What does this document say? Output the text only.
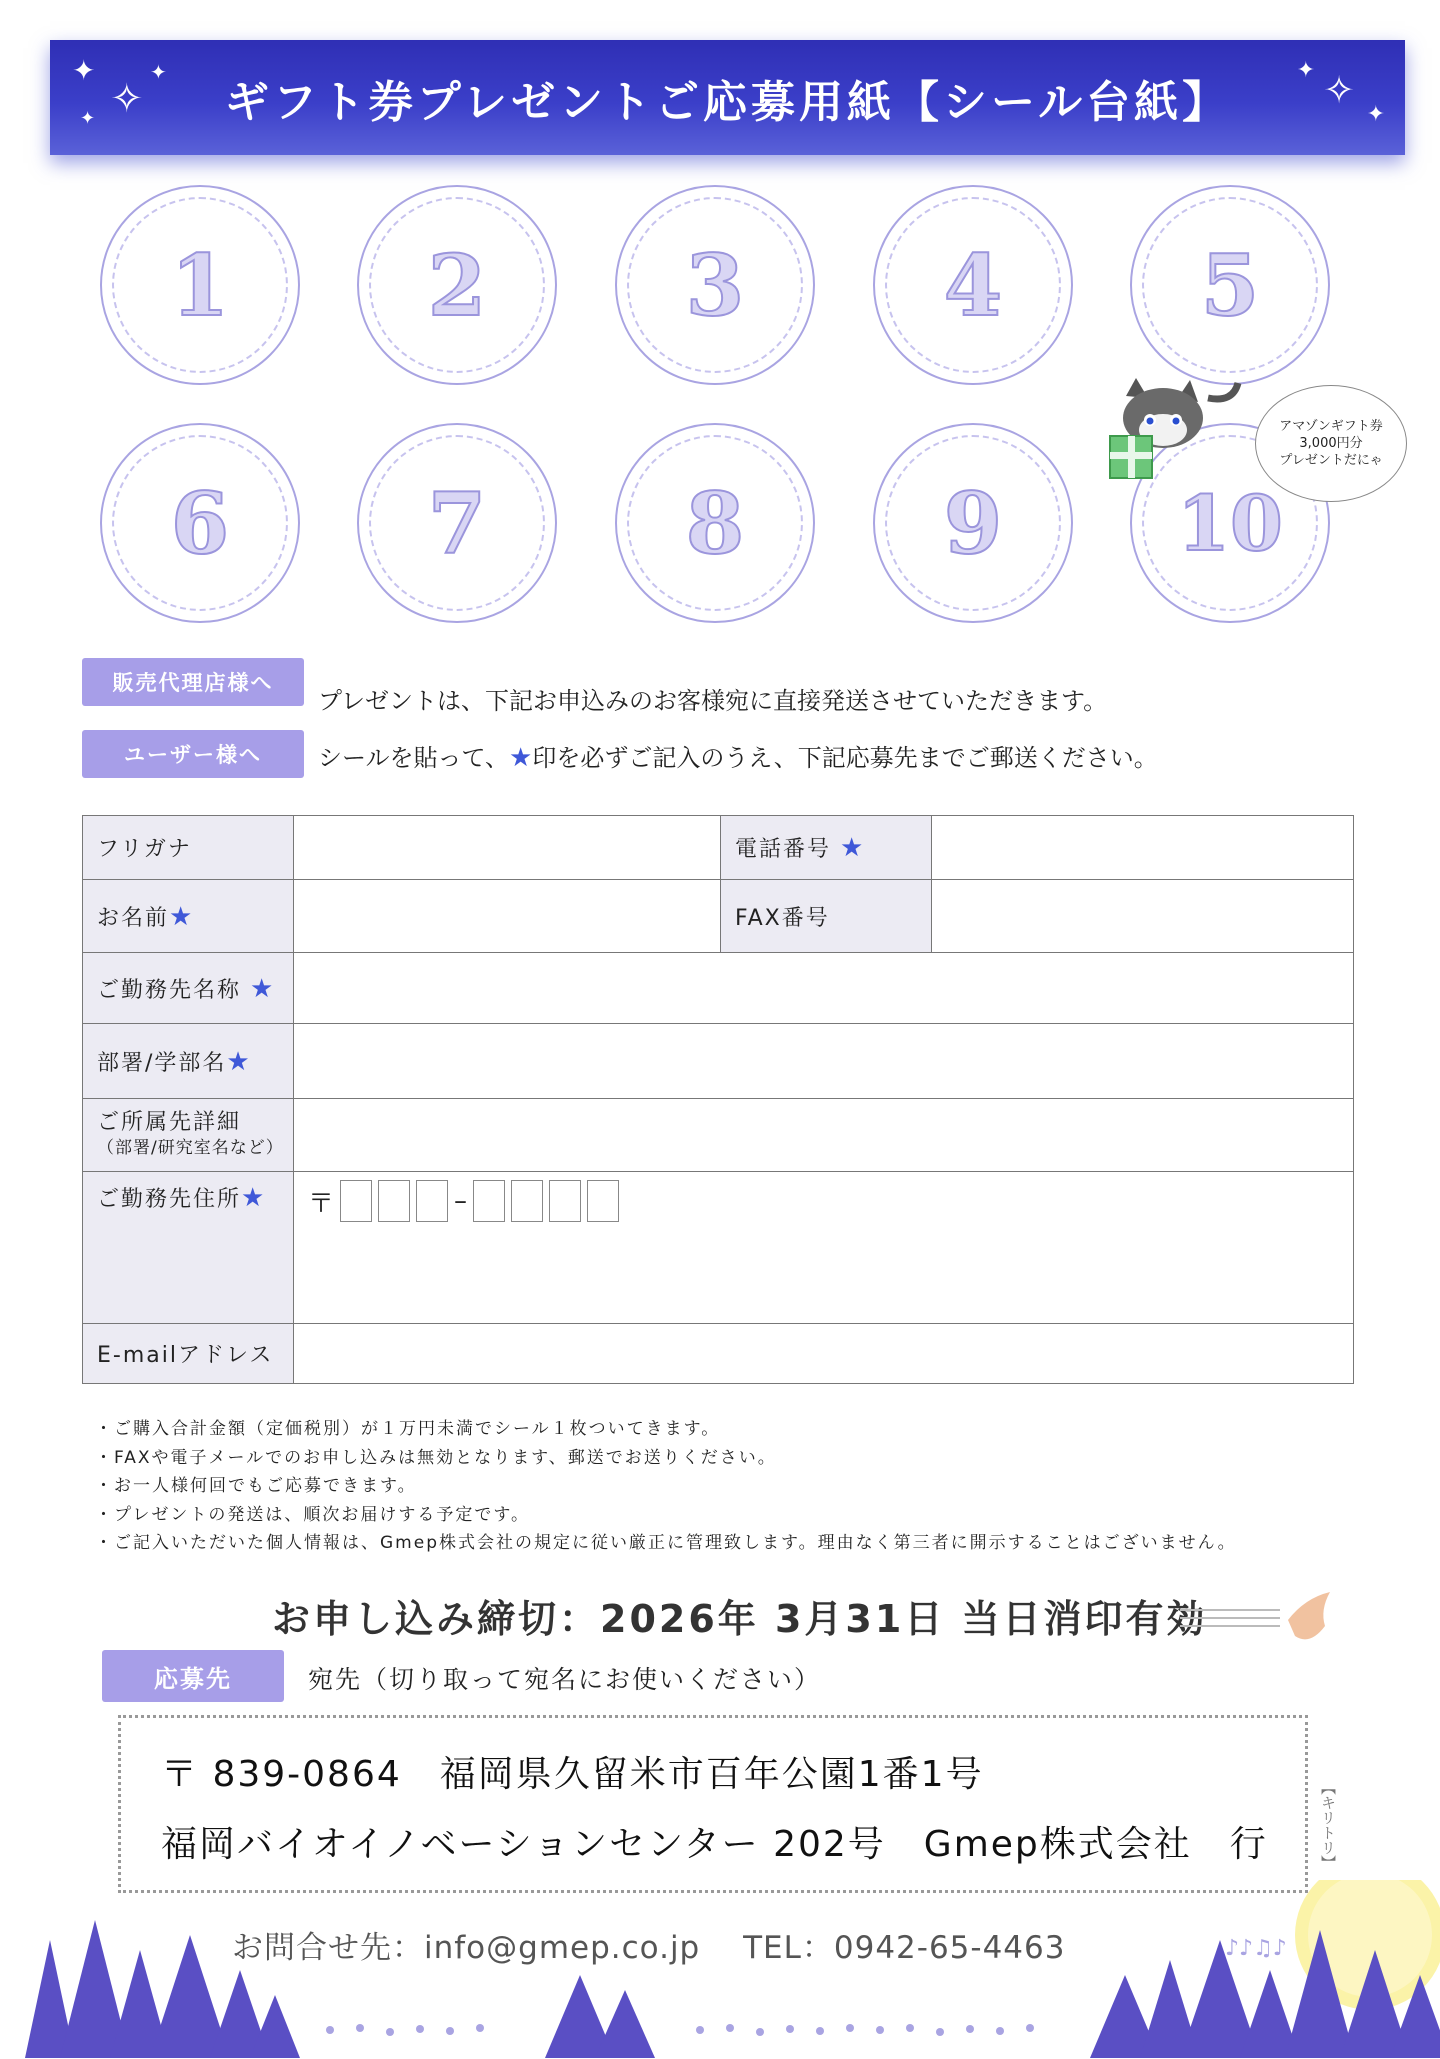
✦
✧
✦
✦	ギフト券プレゼントご応募用紙【シール台紙】
✦ ✧
✦
1	2	3	4	5
6	7	8	9	10
アマゾンギフト券
3,000円分
プレゼントだにゃ
販売代理店様へ
プレゼントは、下記お申込みのお客様宛に直接発送させていただきます。
ユーザー様へ	シールを貼って、★印を必ずご記入のうえ、下記応募先までご郵送ください。
フリガナ		電話番号 ★	
お名前★		FAX番号	
ご勤務先名称 ★			
部署/学部名★			
ご所属先詳細
（部署/研究室名など）			
ご勤務先住所★	〒 –		

E-mailアドレス			
・ご購入合計金額（定価税別）が１万円未満でシール１枚ついてきます。
・FAXや電子メールでのお申し込みは無効となります、郵送でお送りください。
・お一人様何回でもご応募できます。
・プレゼントの発送は、順次お届けする予定です。
・ご記入いただいた個人情報は、Gmep株式会社の規定に従い厳正に管理致します。理由なく第三者に開示することはございません。
お申し込み締切：2026年 3月31日 当日消印有効
応募先	宛先（切り取って宛名にお使いください）
〒 839-0864　福岡県久留米市百年公園1番1号
福岡バイオイノベーションセンター 202号　Gmep株式会社　行	【キリトリ】
♪♪♫♪
お問合せ先：info@gmep.co.jp　 TEL：0942-65-4463
